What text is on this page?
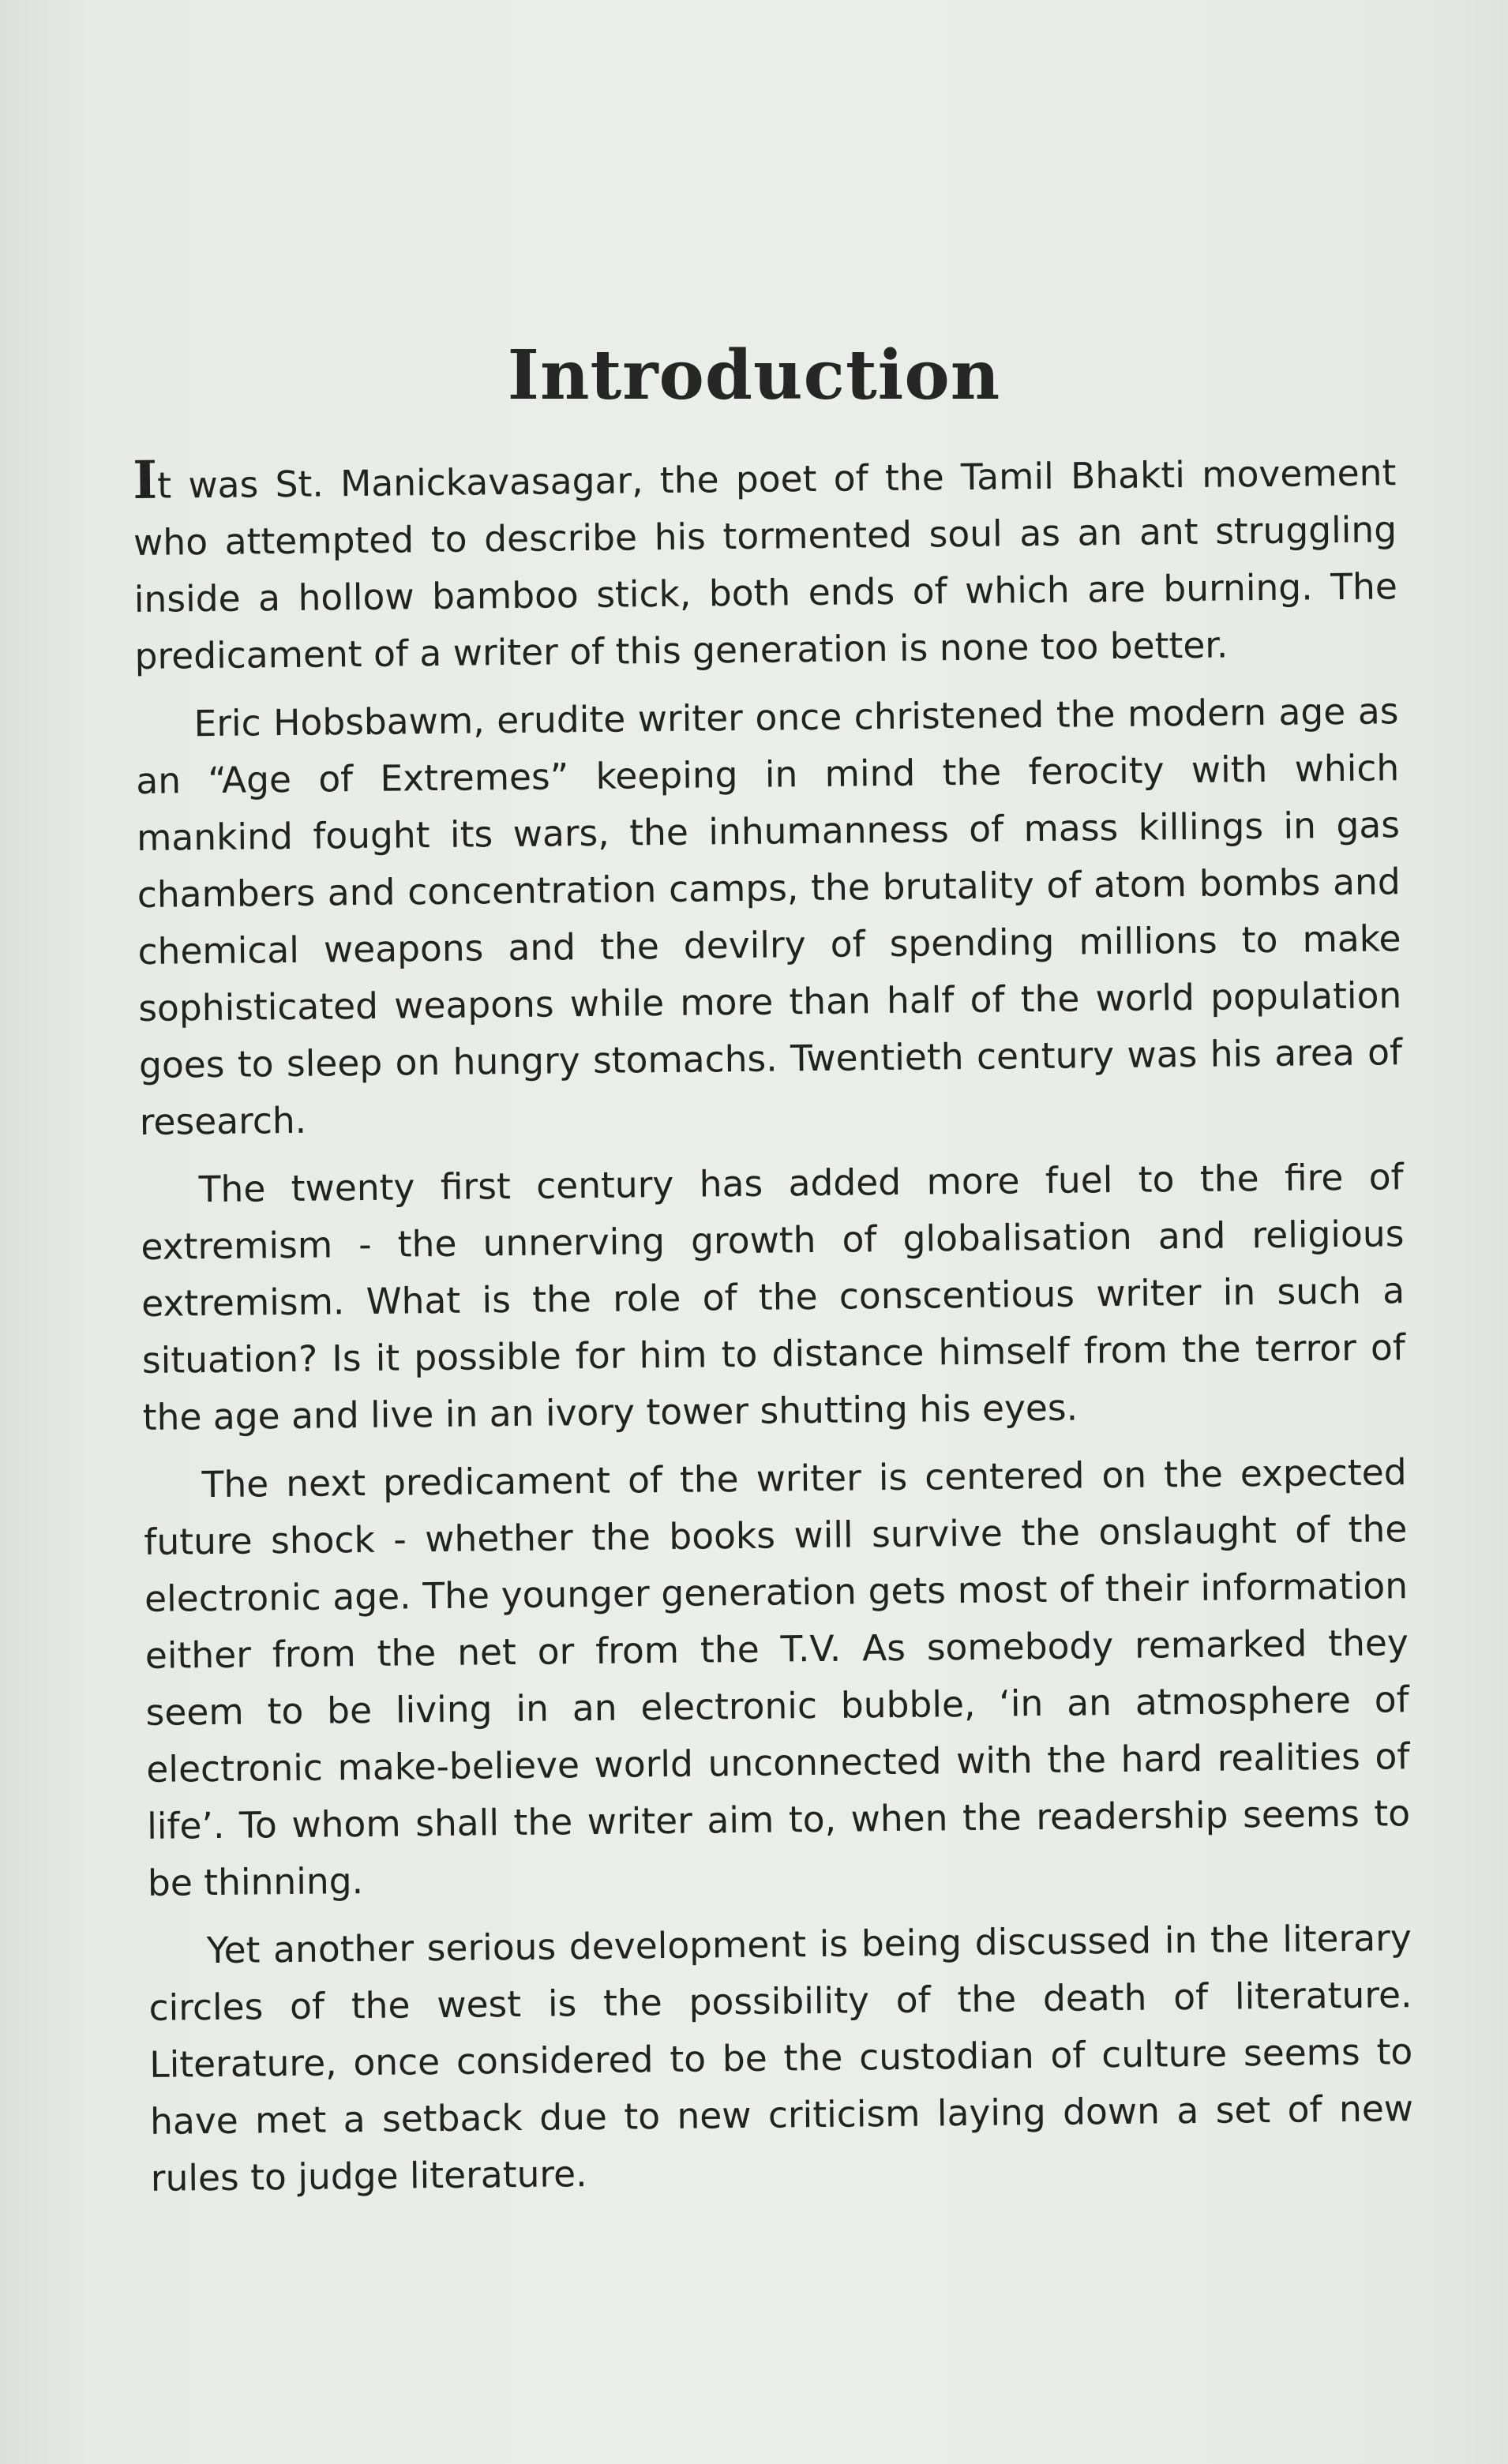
Introduction

It was St. Manickavasagar, the poet of the Tamil Bhakti movement who attempted to describe his tormented soul as an ant struggling inside a hollow bamboo stick, both ends of which are burning. The predicament of a writer of this generation is none too better.

Eric Hobsbawm, erudite writer once christened the modern age as an “Age of Extremes” keeping in mind the ferocity with which mankind fought its wars, the inhumanness of mass killings in gas chambers and concentration camps, the brutality of atom bombs and chemical weapons and the devilry of spending millions to make sophisticated weapons while more than half of the world population goes to sleep on hungry stomachs. Twentieth century was his area of research.

The twenty first century has added more fuel to the fire of extremism - the unnerving growth of globalisation and religious extremism. What is the role of the conscentious writer in such a situation? Is it possible for him to distance himself from the terror of the age and live in an ivory tower shutting his eyes.

The next predicament of the writer is centered on the expected future shock - whether the books will survive the onslaught of the electronic age. The younger generation gets most of their information either from the net or from the T.V. As somebody remarked they seem to be living in an electronic bubble, ‘in an atmosphere of electronic make-believe world unconnected with the hard realities of life’. To whom shall the writer aim to, when the readership seems to be thinning.

Yet another serious development is being discussed in the literary circles of the west is the possibility of the death of literature. Literature, once considered to be the custodian of culture seems to have met a setback due to new criticism laying down a set of new rules to judge literature.
